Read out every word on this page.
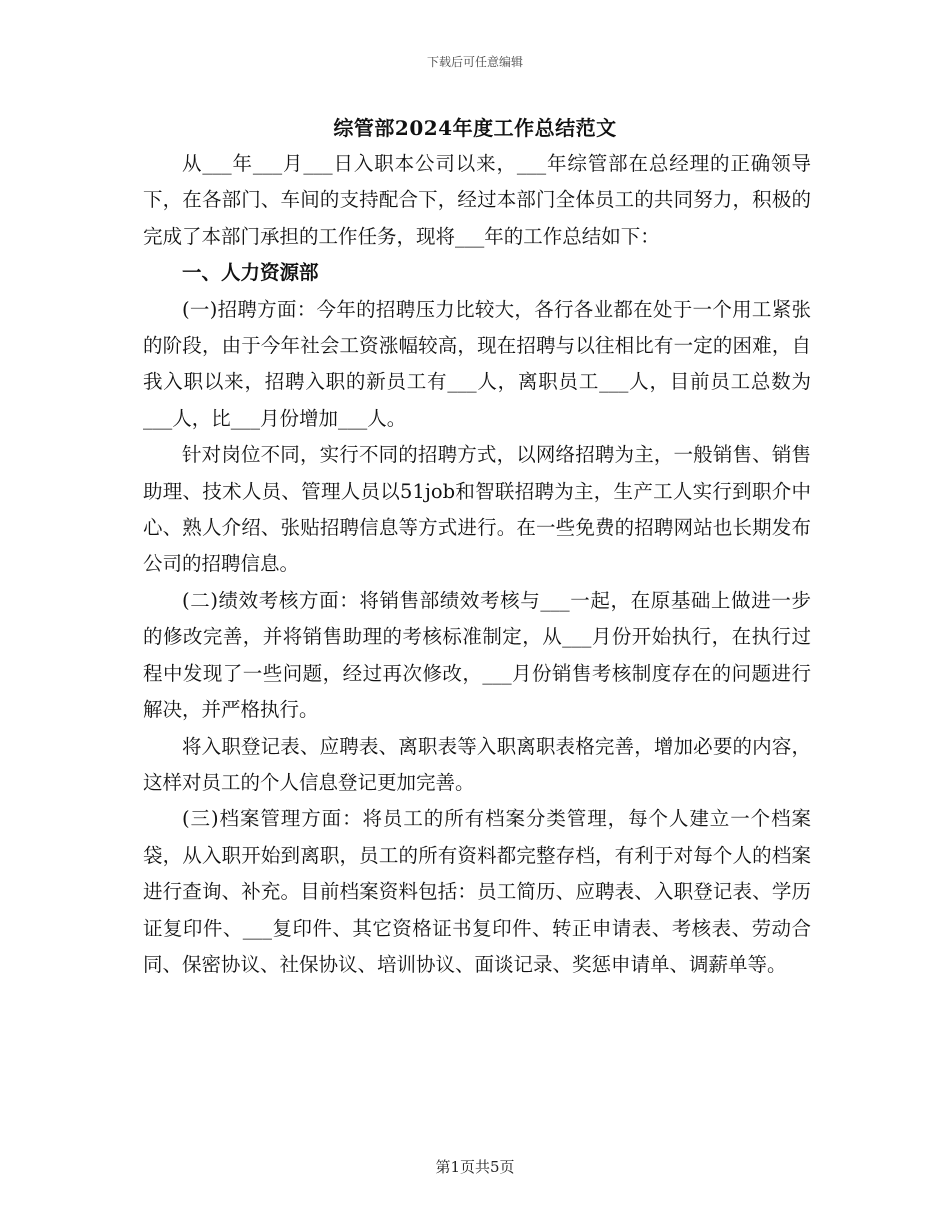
下载后可任意编辑
综管部2024年度工作总结范文

从___年___月___日入职本公司以来，___年综管部在总经理的正确领导下，在各部门、车间的支持配合下，经过本部门全体员工的共同努力，积极的完成了本部门承担的工作任务，现将___年的工作总结如下：

一、人力资源部

(一)招聘方面：今年的招聘压力比较大，各行各业都在处于一个用工紧张的阶段，由于今年社会工资涨幅较高，现在招聘与以往相比有一定的困难，自我入职以来，招聘入职的新员工有___人，离职员工___人，目前员工总数为___人，比___月份增加___人。

针对岗位不同，实行不同的招聘方式，以网络招聘为主，一般销售、销售助理、技术人员、管理人员以51job和智联招聘为主，生产工人实行到职介中心、熟人介绍、张贴招聘信息等方式进行。在一些免费的招聘网站也长期发布公司的招聘信息。

(二)绩效考核方面：将销售部绩效考核与___一起，在原基础上做进一步的修改完善，并将销售助理的考核标准制定，从___月份开始执行，在执行过程中发现了一些问题，经过再次修改，___月份销售考核制度存在的问题进行解决，并严格执行。

将入职登记表、应聘表、离职表等入职离职表格完善，增加必要的内容，这样对员工的个人信息登记更加完善。

(三)档案管理方面：将员工的所有档案分类管理，每个人建立一个档案袋，从入职开始到离职，员工的所有资料都完整存档，有利于对每个人的档案进行查询、补充。目前档案资料包括：员工简历、应聘表、入职登记表、学历证复印件、___复印件、其它资格证书复印件、转正申请表、考核表、劳动合同、保密协议、社保协议、培训协议、面谈记录、奖惩申请单、调薪单等。

第1页共5页
